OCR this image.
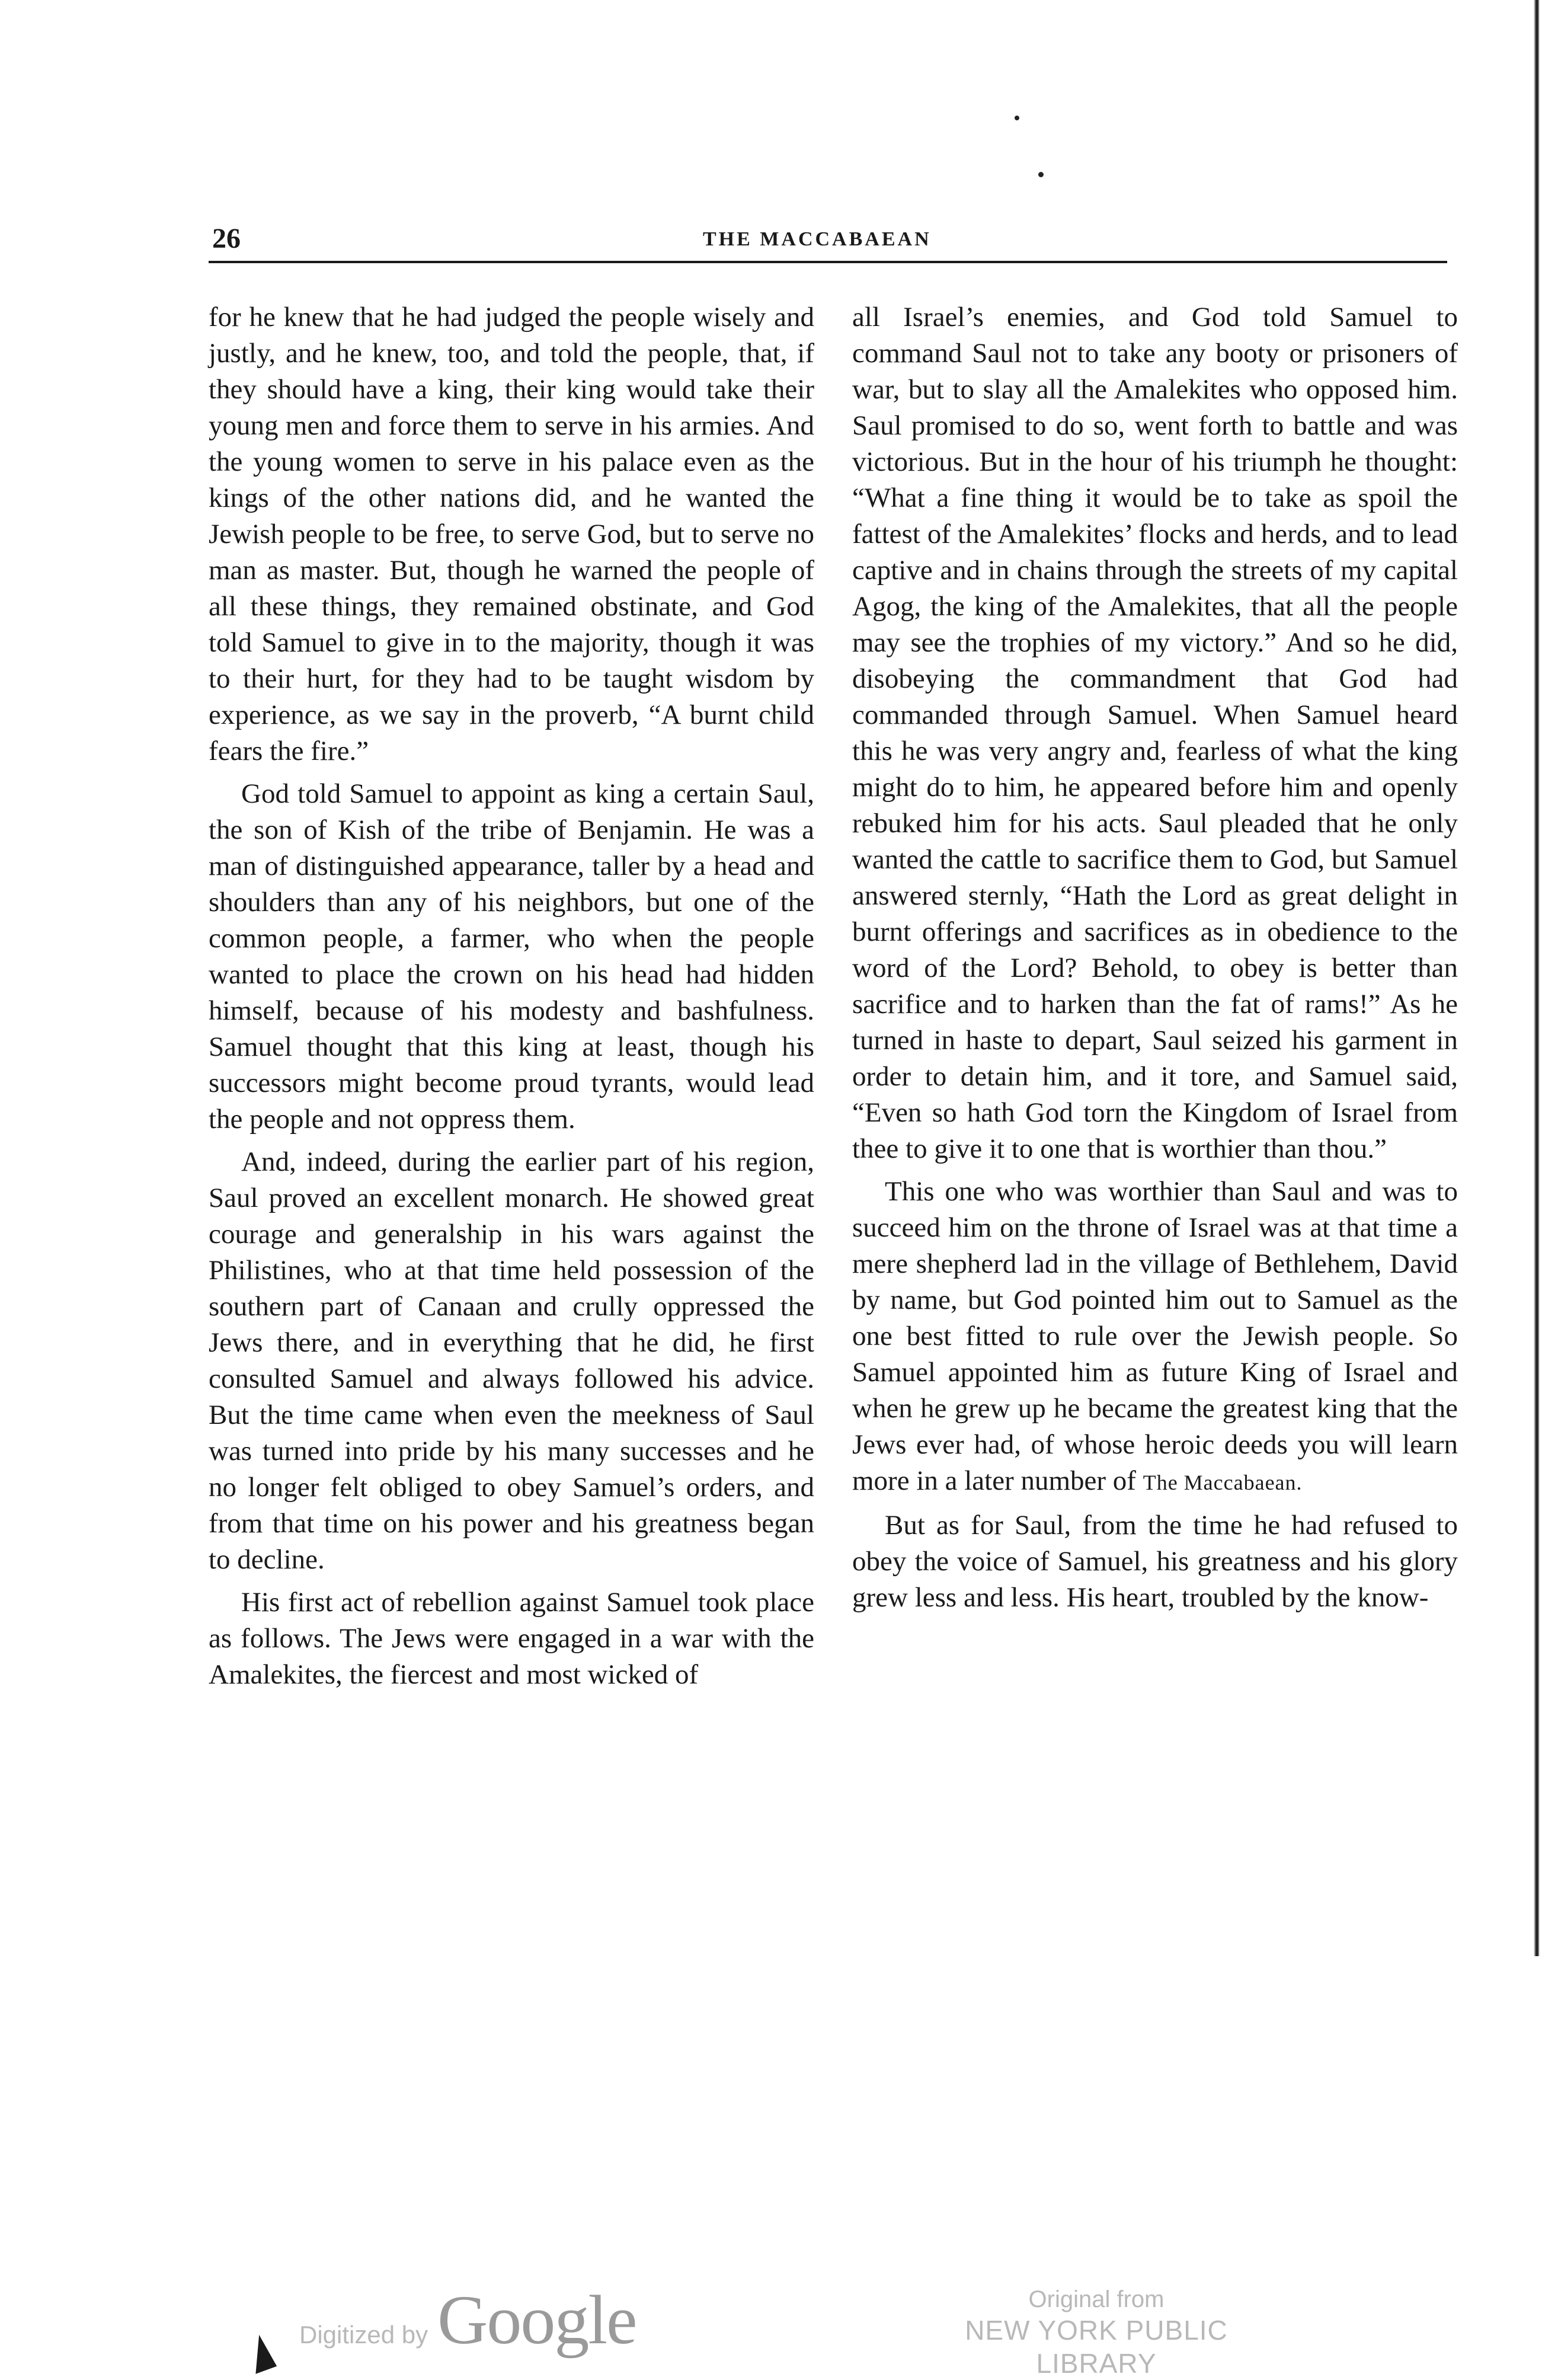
26	THE MACCABAEAN

for he knew that he had judged the people wisely and justly, and he knew, too, and told the people, that, if they should have a king, their king would take their young men and force them to serve in his armies. And the young women to serve in his palace even as the kings of the other nations did, and he wanted the Jewish people to be free, to serve God, but to serve no man as master. But, though he warned the people of all these things, they remained obstinate, and God told Samuel to give in to the majority, though it was to their hurt, for they had to be taught wisdom by experience, as we say in the proverb, “A burnt child fears the fire.”

God told Samuel to appoint as king a certain Saul, the son of Kish of the tribe of Benjamin. He was a man of distinguished appearance, taller by a head and shoulders than any of his neighbors, but one of the common people, a farmer, who when the people wanted to place the crown on his head had hidden himself, because of his modesty and bashfulness. Samuel thought that this king at least, though his successors might become proud tyrants, would lead the people and not oppress them.

And, indeed, during the earlier part of his region, Saul proved an excellent monarch. He showed great courage and generalship in his wars against the Philistines, who at that time held possession of the southern part of Canaan and crully oppressed the Jews there, and in everything that he did, he first consulted Samuel and always followed his advice. But the time came when even the meekness of Saul was turned into pride by his many successes and he no longer felt obliged to obey Samuel’s orders, and from that time on his power and his greatness began to decline.

His first act of rebellion against Samuel took place as follows. The Jews were engaged in a war with the Amalekites, the fiercest and most wicked of

all Israel’s enemies, and God told Samuel to command Saul not to take any booty or prisoners of war, but to slay all the Amalekites who opposed him. Saul promised to do so, went forth to battle and was victorious. But in the hour of his triumph he thought: “What a fine thing it would be to take as spoil the fattest of the Amalekites’ flocks and herds, and to lead captive and in chains through the streets of my capital Agog, the king of the Amalekites, that all the people may see the trophies of my victory.” And so he did, disobeying the commandment that God had commanded through Samuel. When Samuel heard this he was very angry and, fearless of what the king might do to him, he appeared before him and openly rebuked him for his acts. Saul pleaded that he only wanted the cattle to sacrifice them to God, but Samuel answered sternly, “Hath the Lord as great delight in burnt offerings and sacrifices as in obedience to the word of the Lord? Behold, to obey is better than sacrifice and to harken than the fat of rams!” As he turned in haste to depart, Saul seized his garment in order to detain him, and it tore, and Samuel said, “Even so hath God torn the Kingdom of Israel from thee to give it to one that is worthier than thou.”

This one who was worthier than Saul and was to succeed him on the throne of Israel was at that time a mere shepherd lad in the village of Bethlehem, David by name, but God pointed him out to Samuel as the one best fitted to rule over the Jewish people. So Samuel appointed him as future King of Israel and when he grew up he became the greatest king that the Jews ever had, of whose heroic deeds you will learn more in a later number of The Maccabaean.

But as for Saul, from the time he had refused to obey the voice of Samuel, his greatness and his glory grew less and less. His heart, troubled by the know-

Digitized by Google	Original from
NEW YORK PUBLIC LIBRARY
